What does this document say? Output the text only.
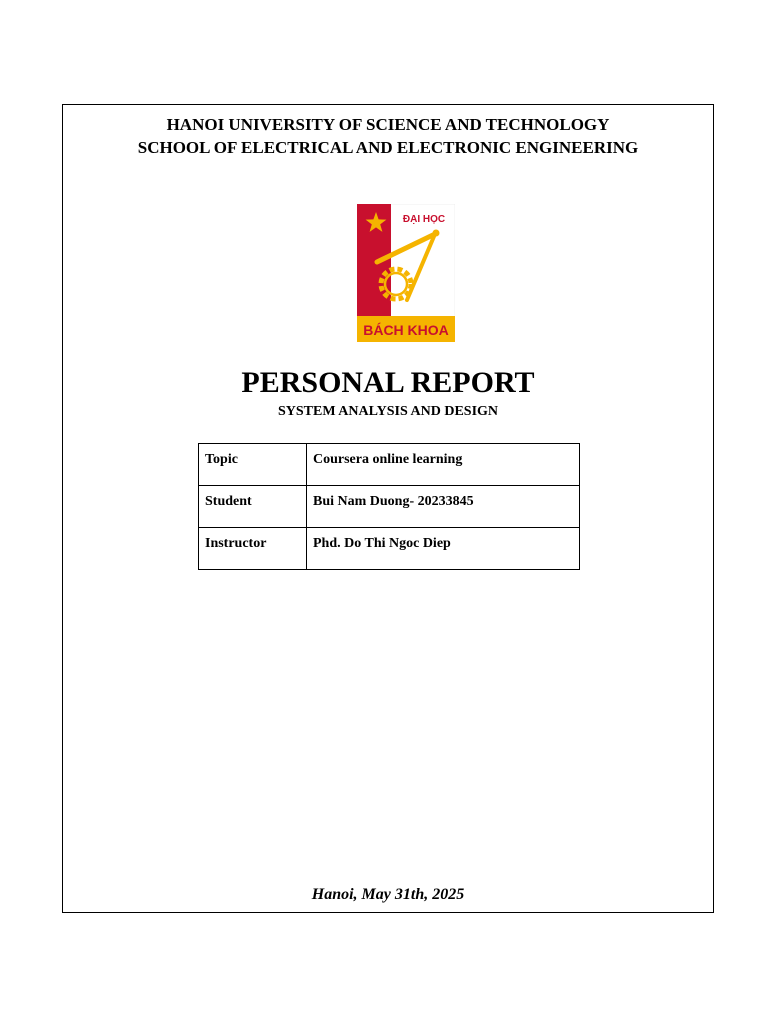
HANOI UNIVERSITY OF SCIENCE AND TECHNOLOGY
SCHOOL OF ELECTRICAL AND ELECTRONIC ENGINEERING
ĐẠI HỌC
BÁCH KHOA
PERSONAL REPORT
SYSTEM ANALYSIS AND DESIGN
Topic	Coursera online learning
Student	Bui Nam Duong- 20233845
Instructor	Phd. Do Thi Ngoc Diep
Hanoi, May 31th, 2025
